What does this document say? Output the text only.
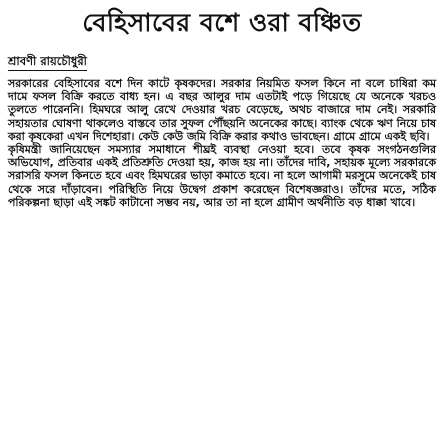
বেহিসাবের বশে ওরা বঞ্চিত
শ্রাবণী রায়চৌধুরী

সরকারের বেহিসাবের বশে দিন কাটে কৃষকদের। সরকার নিয়মিত ফসল কিনে না বলে চাষিরা কম দামে ফসল বিক্রি করতে বাধ্য হন। এ বছর আলুর দাম এতটাই পড়ে গিয়েছে যে অনেকে খরচও তুলতে পারেননি। হিমঘরে আলু রেখে দেওয়ার খরচ বেড়েছে, অথচ বাজারে দাম নেই। সরকারি সহায়তার ঘোষণা থাকলেও বাস্তবে তার সুফল পৌঁছয়নি অনেকের কাছে। ব্যাংক থেকে ঋণ নিয়ে চাষ করা কৃষকেরা এখন দিশেহারা। কেউ কেউ জমি বিক্রি করার কথাও ভাবছেন। গ্রামে গ্রামে একই ছবি।

কৃষিমন্ত্রী জানিয়েছেন সমস্যার সমাধানে শীঘ্রই ব্যবস্থা নেওয়া হবে। তবে কৃষক সংগঠনগুলির অভিযোগ, প্রতিবার একই প্রতিশ্রুতি দেওয়া হয়, কাজ হয় না। তাঁদের দাবি, সহায়ক মূল্যে সরকারকে সরাসরি ফসল কিনতে হবে এবং হিমঘরের ভাড়া কমাতে হবে। না হলে আগামী মরসুমে অনেকেই চাষ থেকে সরে দাঁড়াবেন। পরিস্থিতি নিয়ে উদ্বেগ প্রকাশ করেছেন বিশেষজ্ঞরাও। তাঁদের মতে, সঠিক পরিকল্পনা ছাড়া এই সঙ্কট কাটানো সম্ভব নয়, আর তা না হলে গ্রামীণ অর্থনীতি বড় ধাক্কা খাবে।
